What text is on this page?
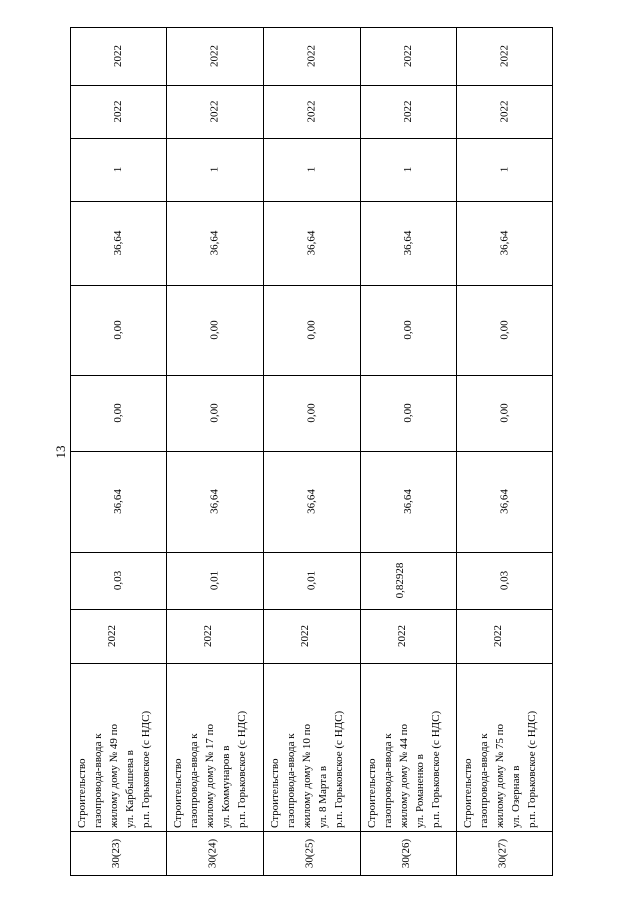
13
2022
2022
1
36,64
0,00
0,00
36,64
0,03
2022
30(23)
Строительство газопровода-ввода к жилому дому № 49 по ул. Карбышева в р.п. Горьковское (с НДС)
2022
2022
1
36,64
0,00
0,00
36,64
0,01
2022
30(24)
Строительство газопровода-ввода к жилому дому № 17 по ул. Коммунаров в р.п. Горьковское (с НДС)
2022
2022
1
36,64
0,00
0,00
36,64
0,01
2022
30(25)
Строительство газопровода-ввода к жилому дому № 10 по ул. 8 Марта в р.п. Горьковское (с НДС)
2022
2022
1
36,64
0,00
0,00
36,64
0,82928
2022
30(26)
Строительство газопровода-ввода к жилому дому № 44 по ул. Романенко в р.п. Горьковское (с НДС)
2022
2022
1
36,64
0,00
0,00
36,64
0,03
2022
30(27)
Строительство газопровода-ввода к жилому дому № 75 по ул. Озерная в р.п. Горьковское (с НДС)
